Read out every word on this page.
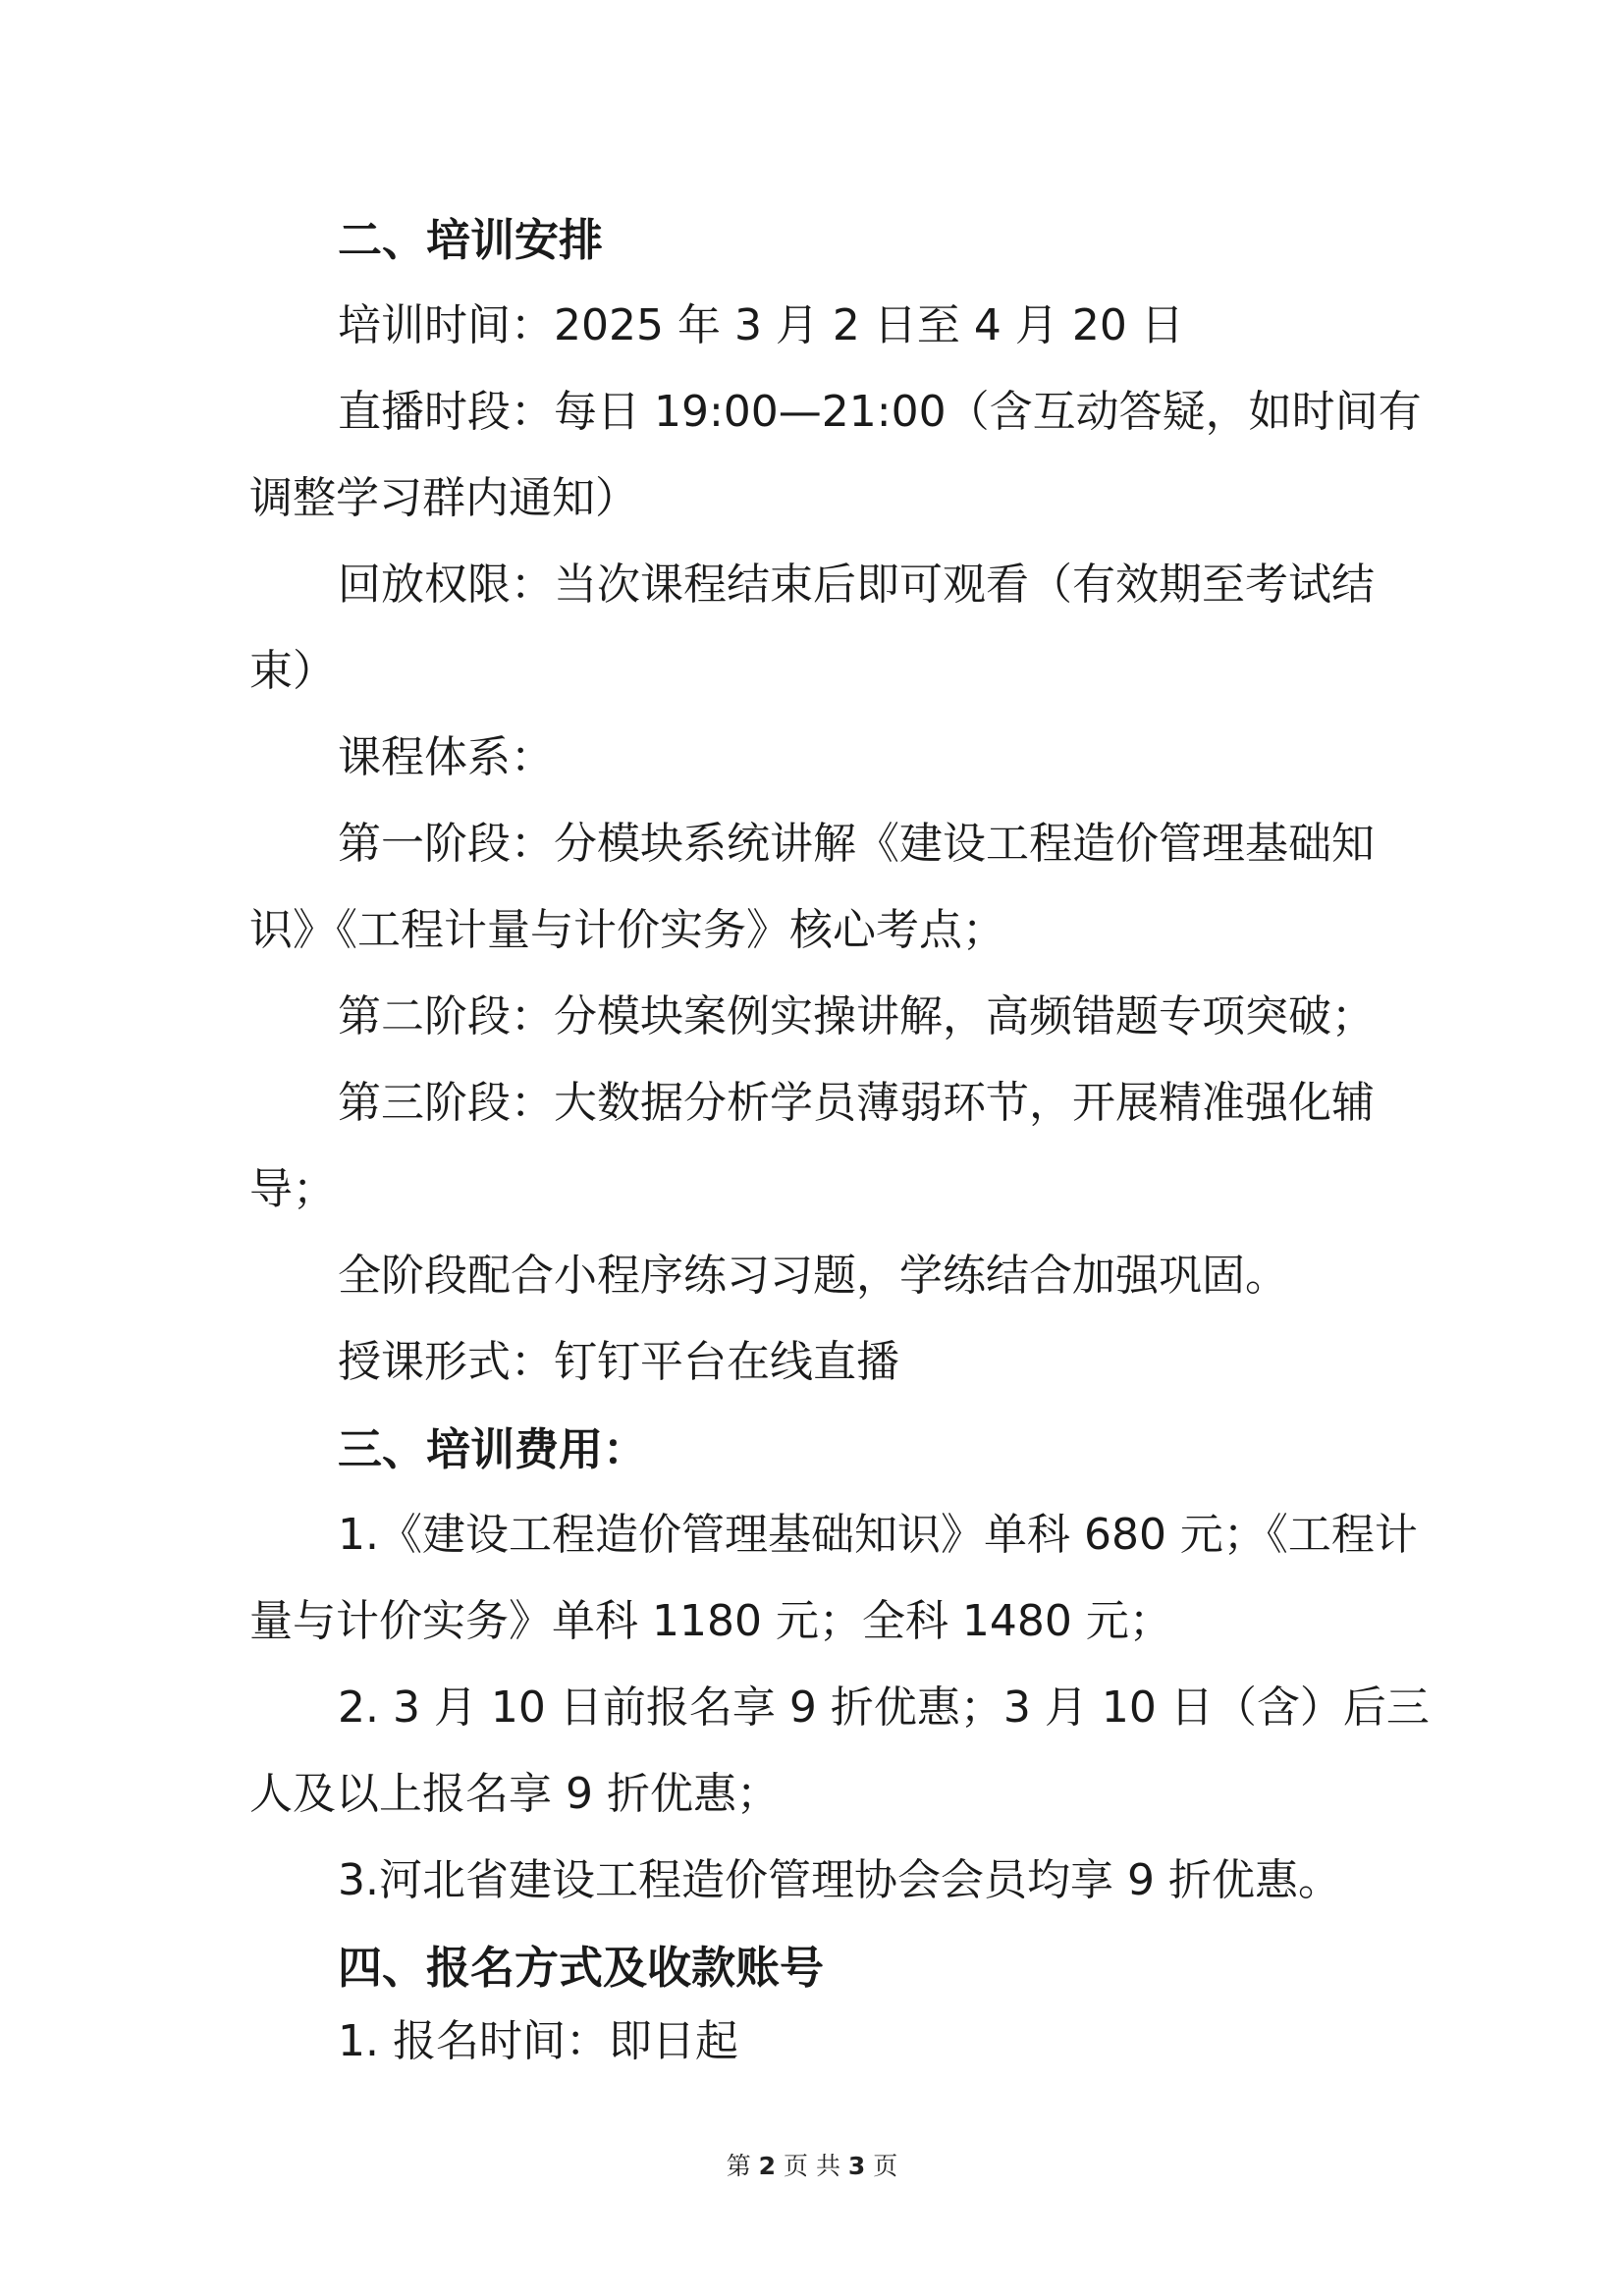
二、培训安排
培训时间：2025 年 3 月 2 日至 4 月 20 日
直播时段：每日 19:00—21:00（含互动答疑，如时间有
调整学习群内通知）
回放权限：当次课程结束后即可观看（有效期至考试结
束）
课程体系：
第一阶段：分模块系统讲解《建设工程造价管理基础知
识》《工程计量与计价实务》核心考点；
第二阶段：分模块案例实操讲解，高频错题专项突破；
第三阶段：大数据分析学员薄弱环节，开展精准强化辅
导；
全阶段配合小程序练习习题，学练结合加强巩固。
授课形式：钉钉平台在线直播
三、培训费用：
1.《建设工程造价管理基础知识》单科 680 元；《工程计
量与计价实务》单科 1180 元；全科 1480 元；
2. 3 月 10 日前报名享 9 折优惠；3 月 10 日（含）后三
人及以上报名享 9 折优惠；
3.河北省建设工程造价管理协会会员均享 9 折优惠。
四、报名方式及收款账号
1. 报名时间：即日起
第 2 页 共 3 页
